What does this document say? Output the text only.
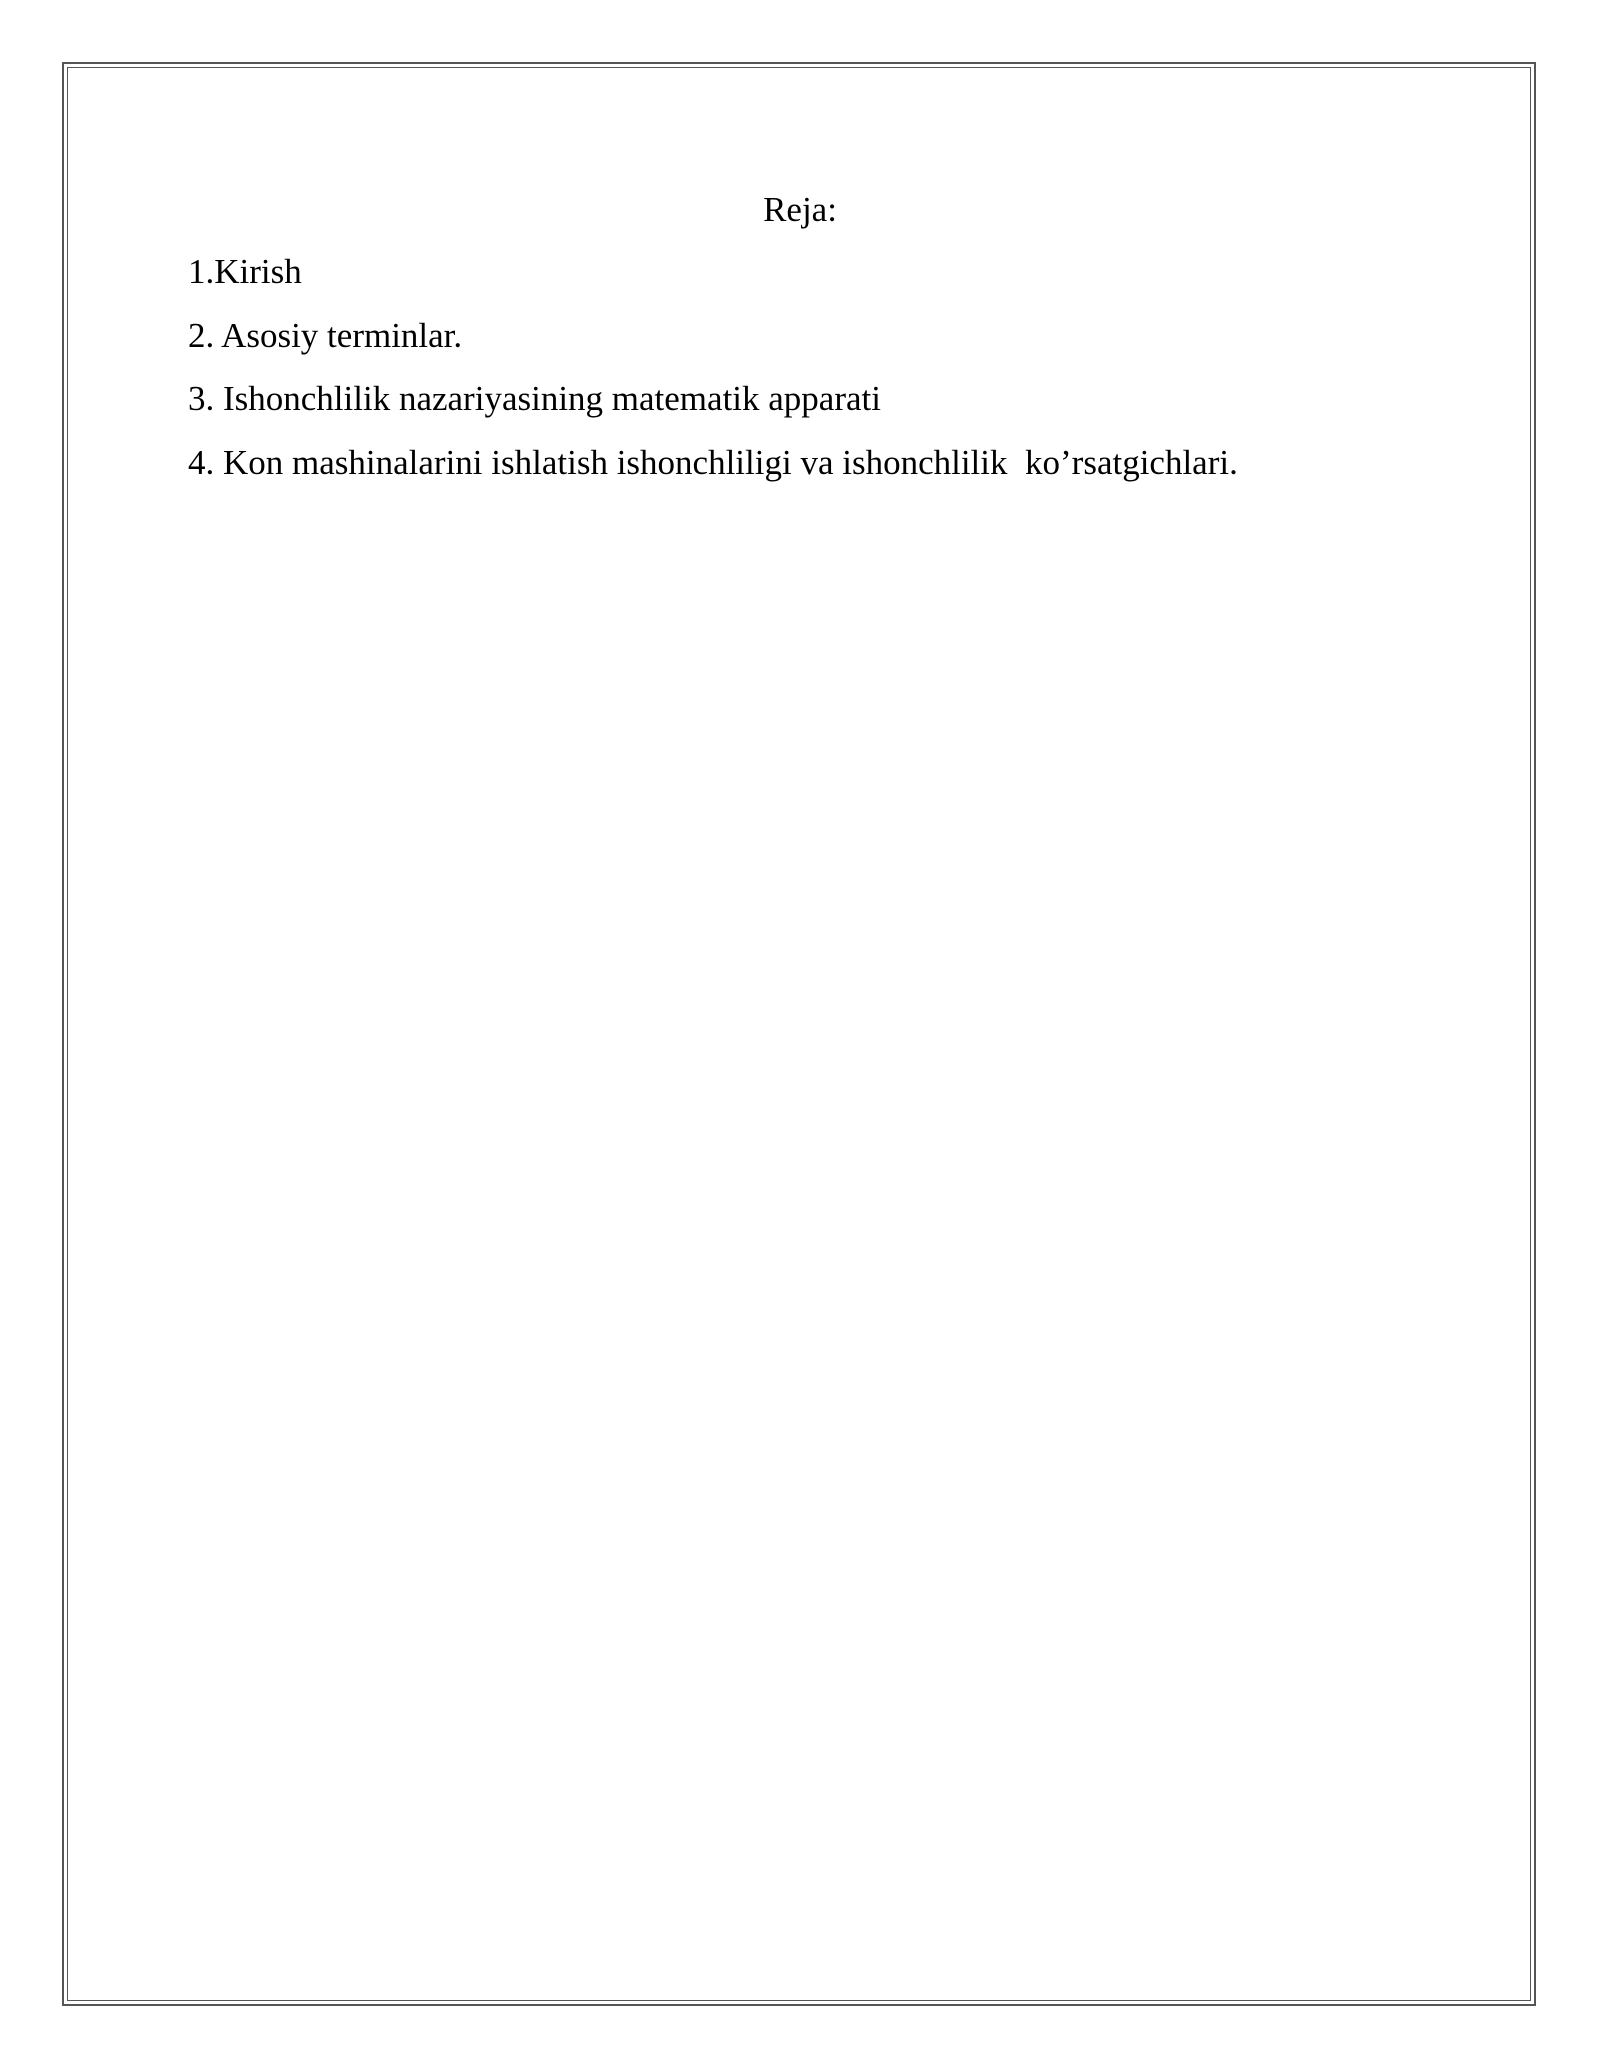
Reja:
1.Kirish
2. Asosiy terminlar.
3. Ishonchlilik nazariyasining matematik apparati
4. Kon mashinalarini ishlatish ishonchliligi va ishonchlilik  ko’rsatgichlari.
